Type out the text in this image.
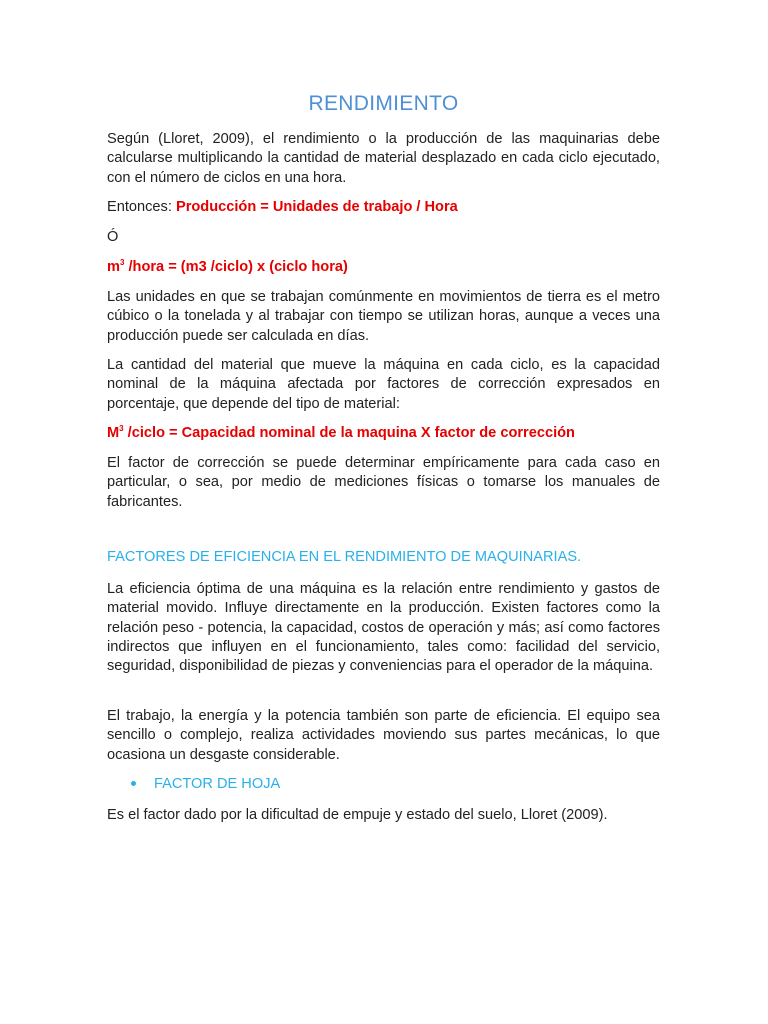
RENDIMIENTO

Según (Lloret, 2009), el rendimiento o la producción de las maquinarias debe calcularse multiplicando la cantidad de material desplazado en cada ciclo ejecutado, con el número de ciclos en una hora.

Entonces: Producción = Unidades de trabajo / Hora

Ó

$m^3$ /hora = (m3 /ciclo) x (ciclo hora)

Las unidades en que se trabajan comúnmente en movimientos de tierra es el metro cúbico o la tonelada y al trabajar con tiempo se utilizan horas, aunque a veces una producción puede ser calculada en días.

La cantidad del material que mueve la máquina en cada ciclo, es la capacidad nominal de la máquina afectada por factores de corrección expresados en porcentaje, que depende del tipo de material:

$M^3$ /ciclo = Capacidad nominal de la maquina X factor de corrección

El factor de corrección se puede determinar empíricamente para cada caso en particular, o sea, por medio de mediciones físicas o tomarse los manuales de fabricantes.

FACTORES DE EFICIENCIA EN EL RENDIMIENTO DE MAQUINARIAS.

La eficiencia óptima de una máquina es la relación entre rendimiento y gastos de material movido. Influye directamente en la producción. Existen factores como la relación peso - potencia, la capacidad, costos de operación y más; así como factores indirectos que influyen en el funcionamiento, tales como: facilidad del servicio, seguridad, disponibilidad de piezas y conveniencias para el operador de la máquina.

El trabajo, la energía y la potencia también son parte de eficiencia. El equipo sea sencillo o complejo, realiza actividades moviendo sus partes mecánicas, lo que ocasiona un desgaste considerable.

FACTOR DE HOJA

Es el factor dado por la dificultad de empuje y estado del suelo, Lloret (2009).
